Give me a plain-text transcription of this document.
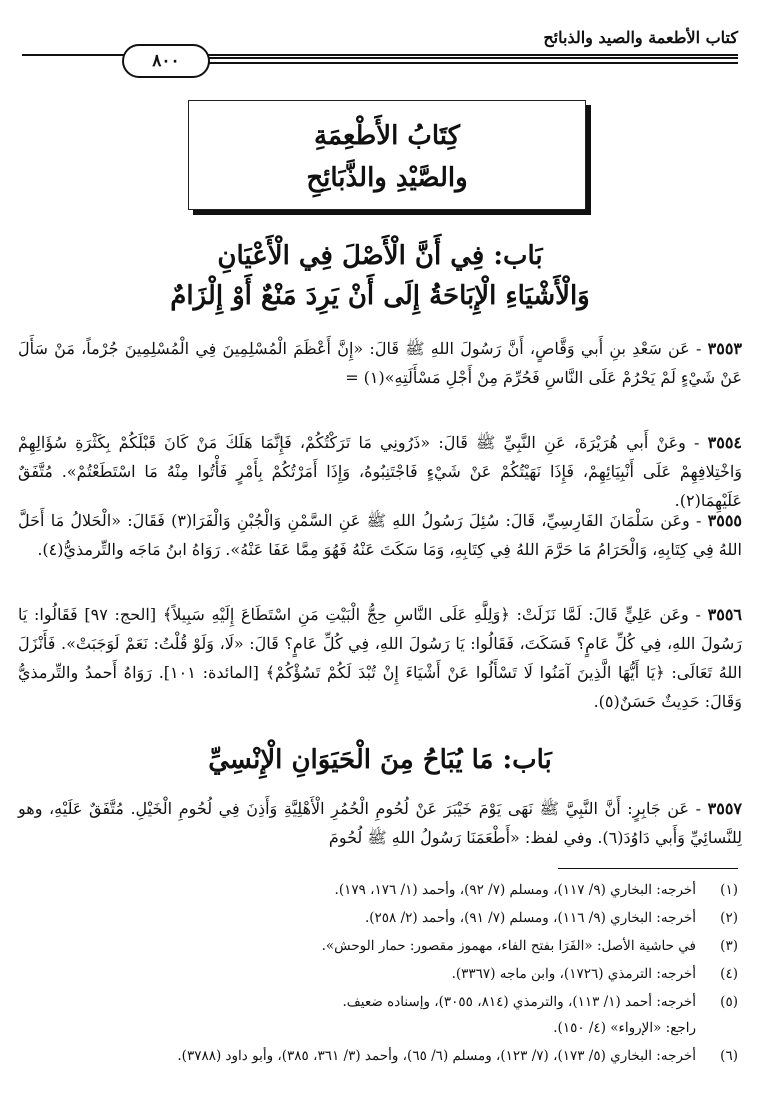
كتاب الأطعمة والصيد والذبائح
٨٠٠
كِتَابُ الأَطْعِمَةِ
والصَّيْدِ والذَّبَائِحِ
بَاب: فِي أَنَّ الْأَصْلَ فِي الْأَعْيَانِ
وَالْأَشْيَاءِ الْإِبَاحَةُ إِلَى أَنْ يَرِدَ مَنْعٌ أَوْ إِلْزَامٌ
٣٥٥٣ - عَن سَعْدِ بنِ أَبي وَقَّاصٍ، أَنَّ رَسُولَ اللهِ ﷺ قَالَ: «إِنَّ أَعْظَمَ الْمُسْلِمِينَ فِي الْمُسْلِمِينَ جُرْماً، مَنْ سَأَلَ عَنْ شَيْءٍ لَمْ يَحْرُمْ عَلَى النَّاسِ فَحُرِّمَ مِنْ أَجْلِ مَسْأَلَتِهِ»(١) =
٣٥٥٤ - وعَنْ أَبي هُرَيْرَةَ، عَنِ النَّبِيِّ ﷺ قَالَ: «ذَرُونِي مَا تَرَكْتُكُمْ، فَإِنَّمَا هَلَكَ مَنْ كَانَ قَبْلَكُمْ بِكَثْرَةِ سُؤَالِهِمْ وَاخْتِلافِهِمْ عَلَى أَنْبِيَائِهِمْ، فَإِذَا نَهَيْتُكُمْ عَنْ شَيْءٍ فَاجْتَنِبُوهُ، وَإِذَا أَمَرْتُكُمْ بِأَمْرٍ فَأْتُوا مِنْهُ مَا اسْتَطَعْتُمْ». مُتَّفَقٌ عَلَيْهِمَا(٢).
٣٥٥٥ - وعَن سَلْمَانَ الفَارِسِيِّ، قَالَ: سُئِلَ رَسُولُ اللهِ ﷺ عَنِ السَّمْنِ وَالْجُبْنِ وَالْفَرَا(٣) فَقَالَ: «الْحَلالُ مَا أَحَلَّ اللهُ فِي كِتَابِهِ، وَالْحَرَامُ مَا حَرَّمَ اللهُ فِي كِتَابِهِ، وَمَا سَكَتَ عَنْهُ فَهُوَ مِمَّا عَفَا عَنْهُ». رَوَاهُ ابنُ مَاجَه والتِّرمذيُّ(٤).
٣٥٥٦ - وعَن عَلِيٍّ قَالَ: لَمَّا نَزَلَتْ: ﴿وَلِلَّهِ عَلَى النَّاسِ حِجُّ الْبَيْتِ مَنِ اسْتَطَاعَ إِلَيْهِ سَبِيلاً﴾ [الحج: ٩٧] فَقَالُوا: يَا رَسُولَ اللهِ، فِي كُلِّ عَامٍ؟ فَسَكَتَ، فَقَالُوا: يَا رَسُولَ اللهِ، فِي كُلِّ عَامٍ؟ قَالَ: «لَا، وَلَوْ قُلْتُ: نَعَمْ لَوَجَبَتْ». فَأَنْزَلَ اللهُ تَعَالَى: ﴿يَا أَيُّهَا الَّذِينَ آمَنُوا لَا تَسْأَلُوا عَنْ أَشْيَاءَ إِنْ تُبْدَ لَكُمْ تَسُؤْكُمْ﴾ [المائدة: ١٠١]. رَوَاهُ أَحمدُ والتِّرمذيُّ وَقَالَ: حَدِيثٌ حَسَنٌ(٥).
بَاب: مَا يُبَاحُ مِنَ الْحَيَوَانِ الْإِنْسِيِّ
٣٥٥٧ - عَن جَابِرٍ: أَنَّ النَّبِيَّ ﷺ نَهَى يَوْمَ خَيْبَرَ عَنْ لُحُومِ الْحُمُرِ الْأَهْلِيَّةِ وَأَذِنَ فِي لُحُومِ الْخَيْلِ. مُتَّفَقٌ عَلَيْهِ، وهو لِلنَّسائِيِّ وَأَبي دَاوُدَ(٦). وفي لفظ: «أَطْعَمَنَا رَسُولُ اللهِ ﷺ لُحُومَ
(١)أخرجه: البخاري (٩/ ١١٧)، ومسلم (٧/ ٩٢)، وأحمد (١/ ١٧٦، ١٧٩).
(٢)أخرجه: البخاري (٩/ ١١٦)، ومسلم (٧/ ٩١)، وأحمد (٢/ ٢٥٨).
(٣)في حاشية الأصل: «الفَرَا بفتح الفاء، مهموز مقصور: حمار الوحش».
(٤)أخرجه: الترمذي (١٧٢٦)، وابن ماجه (٣٣٦٧).
(٥)أخرجه: أحمد (١/ ١١٣)، والترمذي (٨١٤، ٣٠٥٥)، وإسناده ضعيف.
راجع: «الإرواء» (٤/ ١٥٠).
(٦)أخرجه: البخاري (٥/ ١٧٣)، (٧/ ١٢٣)، ومسلم (٦/ ٦٥)، وأحمد (٣/ ٣٦١، ٣٨٥)، وأبو داود (٣٧٨٨).
